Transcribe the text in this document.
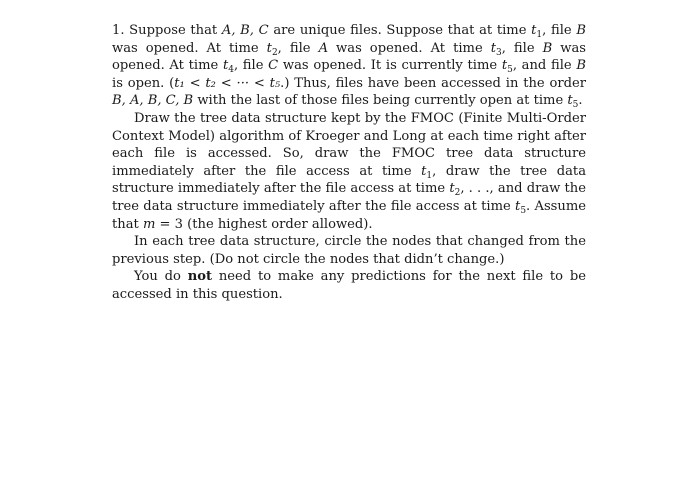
1. Suppose that A, B, C are unique files. Suppose that at time $t_1$, file B was opened. At time $t_2$, file A was opened. At time $t_3$, file B was opened. At time $t_4$, file C was opened. It is currently time $t_5$, and file B is open. (t₁ < t₂ < ··· < t₅.) Thus, files have been accessed in the order B, A, B, C, B with the last of those files being currently open at time $t_5$.

Draw the tree data structure kept by the FMOC (Finite Multi-Order Context Model) algorithm of Kroeger and Long at each time right after each file is accessed. So, draw the FMOC tree data structure immediately after the file access at time $t_1$, draw the tree data structure immediately after the file access at time $t_2$, . . ., and draw the tree data structure immediately after the file access at time $t_5$. Assume that m = 3 (the highest order allowed).

In each tree data structure, circle the nodes that changed from the previous step. (Do not circle the nodes that didn’t change.)

You do not need to make any predictions for the next file to be accessed in this question.
